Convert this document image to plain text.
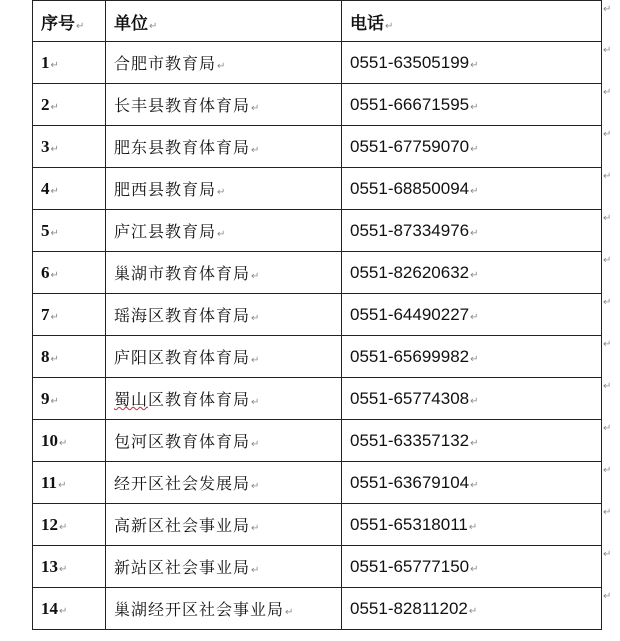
序号↵	单位↵	电话↵
1↵	合肥市教育局↵	0551-63505199↵
2↵	长丰县教育体育局↵	0551-66671595↵
3↵	肥东县教育体育局↵	0551-67759070↵
4↵	肥西县教育局↵	0551-68850094↵
5↵	庐江县教育局↵	0551-87334976↵
6↵	巢湖市教育体育局↵	0551-82620632↵
7↵	瑶海区教育体育局↵	0551-64490227↵
8↵	庐阳区教育体育局↵	0551-65699982↵
9↵	蜀山区教育体育局↵	0551-65774308↵
10↵	包河区教育体育局↵	0551-63357132↵
11↵	经开区社会发展局↵	0551-63679104↵
12↵	高新区社会事业局↵	0551-65318011↵
13↵	新站区社会事业局↵	0551-65777150↵
14↵	巢湖经开区社会事业局↵	0551-82811202↵
↵
↵
↵
↵
↵
↵
↵
↵
↵
↵
↵
↵
↵
↵
↵
